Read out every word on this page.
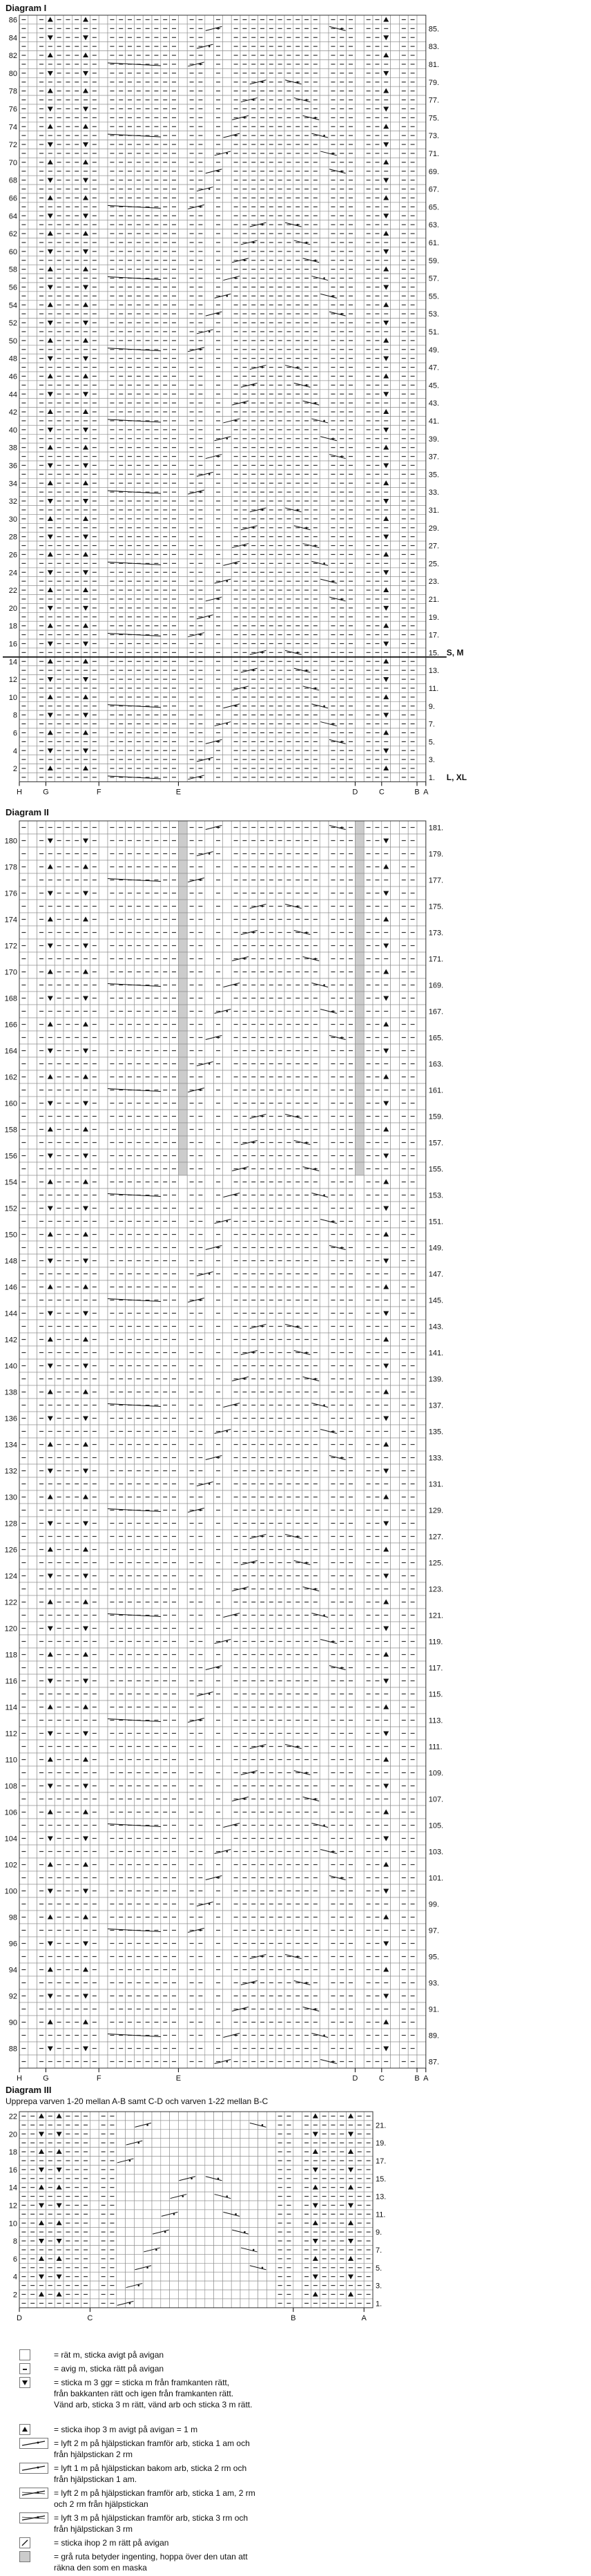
Diagram I
86
85.
84
83.
82
81.
80
79.
78
77.
76
75.
74
73.
72
71.
70
69.
68
67.
66
65.
64
63.
62
61.
60
59.
58
57.
56
55.
54
53.
52
51.
50
49.
48
47.
46
45.
44
43.
42
41.
40
39.
38
37.
36
35.
34
33.
32
31.
30
29.
28
27.
26
25.
24
23.
22
21.
20
19.
18
17.
16
15.
14
13.
12
11.
10
9.
8
7.
6
5.
4
3.
2
1.
S, M
L, XL
H	G	F	E	D	C	B A
Diagram II
181.
180
179.
178
177.
176
175.
174
173.
172
171.
170
169.
168
167.
166
165.
164
163.
162
161.
160
159.
158
157.
156
155.
154
153.
152
151.
150
149.
148
147.
146
145.
144
143.
142
141.
140
139.
138
137.
136
135.
134
133.
132
131.
130
129.
128
127.
126
125.
124
123.
122
121.
120
119.
118
117.
116
115.
114
113.
112
111.
110
109.
108
107.
106
105.
104
103.
102
101.
100
99.
98
97.
96
95.
94
93.
92
91.
90
89.
88
87.
H	G	F	E	D	C	B A
Diagram III
Upprepa varven 1-20 mellan A-B samt C-D och varven 1-22 mellan B-C
22
21.
20
19.
18
17.
16
15.
14
13.
12
11.
10
9.
8
7.
6
5.
4
3.
2
1.
D	C	B	A
= rät m, sticka avigt på avigan
= avig m, sticka rätt på avigan
= sticka m 3 ggr = sticka m från framkanten rätt,
från bakkanten rätt och igen från framkanten rätt.
Vänd arb, sticka 3 m rätt, vänd arb och sticka 3 m rätt.
= sticka ihop 3 m avigt på avigan = 1 m
= lyft 2 m på hjälpstickan framför arb, sticka 1 am och
från hjälpstickan 2 rm
= lyft 1 m på hjälpstickan bakom arb, sticka 2 rm och
från hjälpstickan 1 am.
= lyft 2 m på hjälpstickan framför arb, sticka 1 am, 2 rm
och 2 rm från hjälpstickan
= lyft 3 m på hjälpstickan framför arb, sticka 3 rm och
från hjälpstickan 3 rm
= sticka ihop 2 m rätt på avigan
= grå ruta betyder ingenting, hoppa över den utan att
räkna den som en maska
